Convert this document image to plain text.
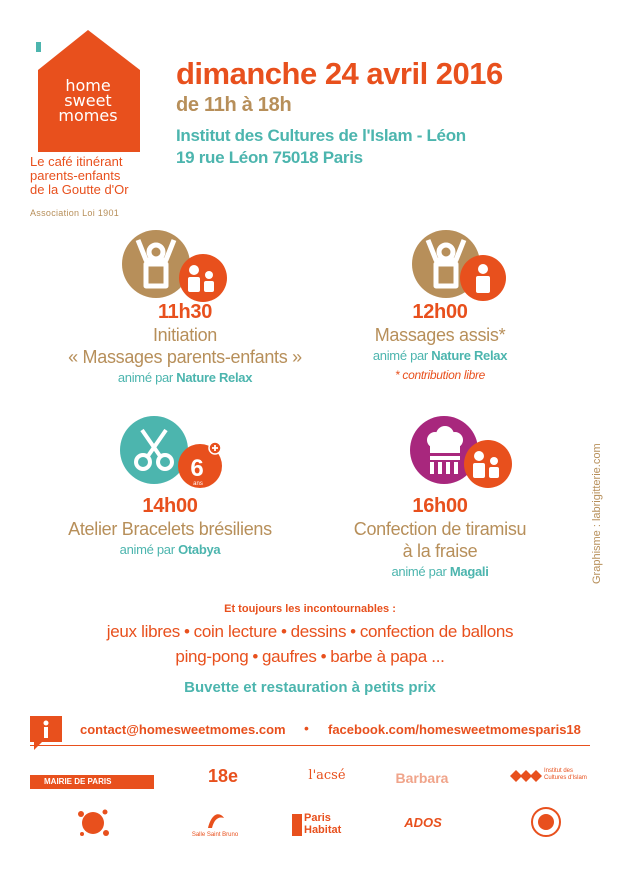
home
sweet
momes
Le café itinérant
parents-enfants
de la Goutte d'Or
Association Loi 1901
dimanche 24 avril 2016
de 11h à 18h
Institut des Cultures de l'Islam - Léon
19 rue Léon 75018 Paris
11h30
Initiation
« Massages parents-enfants »
animé par Nature Relax
12h00
Massages assis*
animé par Nature Relax
* contribution libre
6
ans
14h00
Atelier Bracelets brésiliens
animé par Otabya
16h00
Confection de tiramisu
à la fraise
animé par Magali	Graphisme : labrigitterie.com
Et toujours les incontournables :
jeux libres • coin lecture • dessins • confection de ballons
ping-pong • gaufres • barbe à papa ...
Buvette et restauration à petits prix
contact@homesweetmomes.com • facebook.com/homesweetmomesparis18
MAIRIE DE PARIS	18e	l'acsé	Barbara	Institut des Cultures d'Islam
Salle Saint Bruno
Paris Habitat	ADOS
